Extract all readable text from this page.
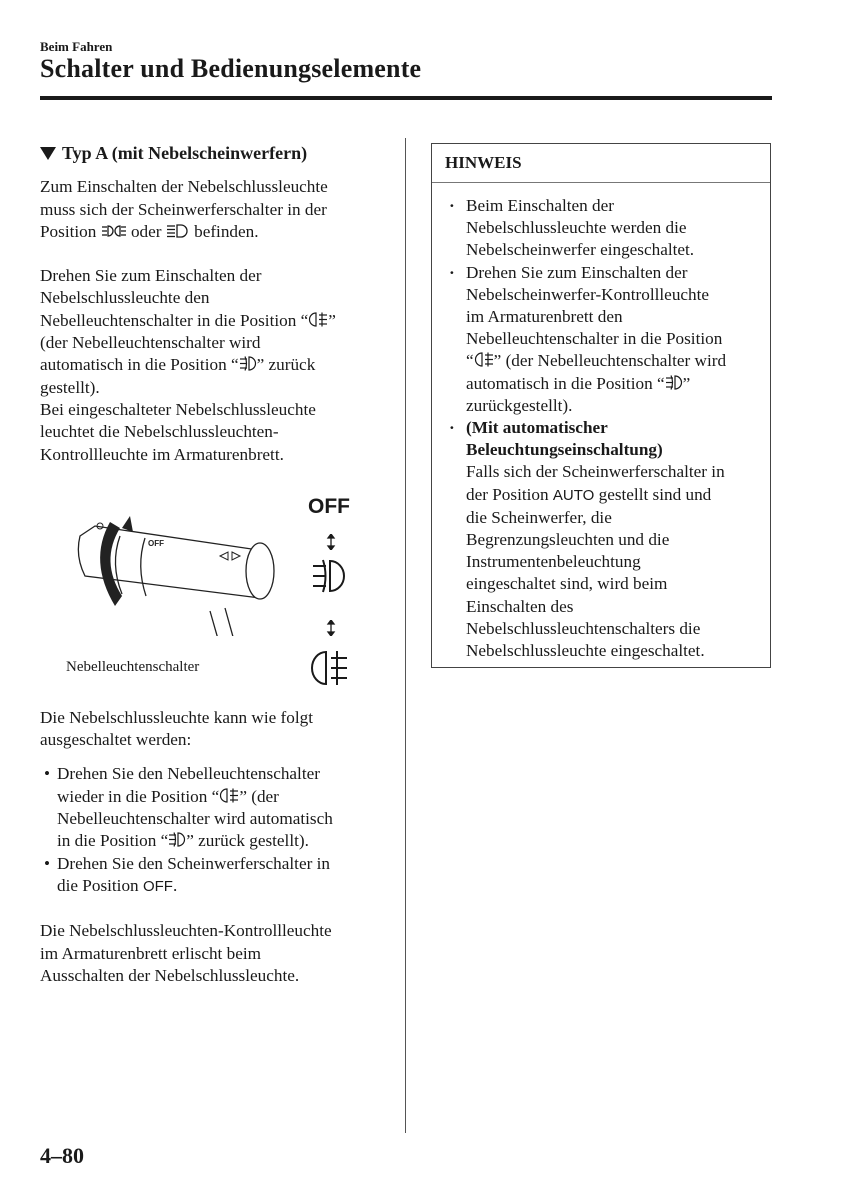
Beim Fahren
Schalter und Bedienungselemente

Typ A (mit Nebelscheinwerfern)

Zum Einschalten der Nebelschlussleuchte
muss sich der Scheinwerferschalter in der
Position oder befinden.

Drehen Sie zum Einschalten der
Nebelschlussleuchte den
Nebelleuchtenschalter in die Position “ ”
(der Nebelleuchtenschalter wird
automatisch in die Position “ ” zurück
gestellt).
Bei eingeschalteter Nebelschlussleuchte
leuchtet die Nebelschlussleuchten-
Kontrollleuchte im Armaturenbrett.

OFF
OFF
Nebelleuchtenschalter

Die Nebelschlussleuchte kann wie folgt
ausgeschaltet werden:

• Drehen Sie den Nebelleuchtenschalter
wieder in die Position “ ” (der
Nebelleuchtenschalter wird automatisch
in die Position “ ” zurück gestellt).
• Drehen Sie den Scheinwerferschalter in
die Position OFF.

Die Nebelschlussleuchten-Kontrollleuchte
im Armaturenbrett erlischt beim
Ausschalten der Nebelschlussleuchte.

HINWEIS
· Beim Einschalten der
Nebelschlussleuchte werden die
Nebelscheinwerfer eingeschaltet.
· Drehen Sie zum Einschalten der
Nebelscheinwerfer-Kontrollleuchte
im Armaturenbrett den
Nebelleuchtenschalter in die Position
“ ” (der Nebelleuchtenschalter wird
automatisch in die Position “ ”
zurückgestellt).
· (Mit automatischer
Beleuchtungseinschaltung)
Falls sich der Scheinwerferschalter in
der Position AUTO gestellt sind und
die Scheinwerfer, die
Begrenzungsleuchten und die
Instrumentenbeleuchtung
eingeschaltet sind, wird beim
Einschalten des
Nebelschlussleuchtenschalters die
Nebelschlussleuchte eingeschaltet.
4–80
